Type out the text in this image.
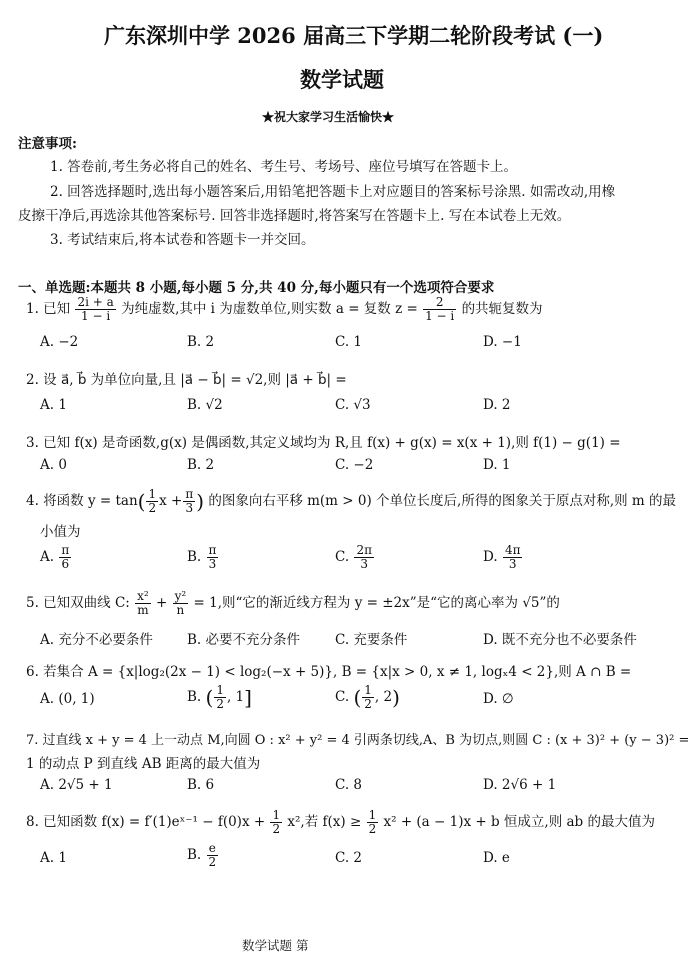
广东深圳中学 2026 届高三下学期二轮阶段考试 (一)
数学试题
★祝大家学习生活愉快★
注意事项:
1. 答卷前,考生务必将自己的姓名、考生号、考场号、座位号填写在答题卡上。
2. 回答选择题时,选出每小题答案后,用铅笔把答题卡上对应题目的答案标号涂黑. 如需改动,用橡
皮擦干净后,再选涂其他答案标号. 回答非选择题时,将答案写在答题卡上. 写在本试卷上无效。
3. 考试结束后,将本试卷和答题卡一并交回。
一、单选题:本题共 8 小题,每小题 5 分,共 40 分,每小题只有一个选项符合要求
1. 已知 $\frac{2i + a}{1 - i}$ 为纯虚数,其中 i 为虚数单位,则实数 a = 复数 $z = \frac{2}{1 - i}$ 的共轭复数为
A. −2	B. 2	C. 1	D. −1
2. 设 a⃗, b⃗ 为单位向量,且 |a⃗ − b⃗| = √2,则 |a⃗ + b⃗| =
A. 1	B. √2	C. √3	D. 2
3. 已知 f(x) 是奇函数,g(x) 是偶函数,其定义域均为 R,且 f(x) + g(x) = x(x + 1),则 f(1) − g(1) =
A. 0	B. 2	C. −2	D. 1
4. 将函数 $y = \tan( \frac{1}{2}$ $x + \frac{\pi}{3}$ ) 的图象向右平移 m(m > 0) 个单位长度后,所得的图象关于原点对称,则 m 的最
小值为
A. $\frac{\pi}{6}$	B. $\frac{\pi}{3}$	C. $\frac{2\pi}{3}$	D. $\frac{4\pi}{3}$
5. 已知双曲线 C: $\frac{\text{x²}}{m} + \frac{\text{y²}}{n} = 1$,则“它的渐近线方程为 y = ±2x”是“它的离心率为 √5”的
A. 充分不必要条件	B. 必要不充分条件	C. 充要条件	D. 既不充分也不必要条件
6. 若集合 A = {x|log₂(2x − 1) < log₂(−x + 5)}, B = {x|x > 0, x ≠ 1, logₓ4 < 2},则 A ∩ B =
A. (0, 1)	B. ( $\frac{1}{2}$ , 1]	C. ( $\frac{1}{2}$ , 2)	D. ∅
7. 过直线 x + y = 4 上一动点 M,向圆 O : x² + y² = 4 引两条切线,A、B 为切点,则圆 C : (x + 3)² + (y − 3)² =
1 的动点 P 到直线 AB 距离的最大值为
A. 2√5 + 1	B. 6	C. 8	D. 2√6 + 1
8. 已知函数 f(x) = f′(1)eˣ⁻¹ − $f(0)x + \frac{1}{2} x^2$,若 $f(x) \ge \frac{1}{2} x^2 + (a - 1)x + b$ 恒成立,则 ab 的最大值为
A. 1	B. $\frac{e}{2}$	C. 2	D. e
数学试题 第
